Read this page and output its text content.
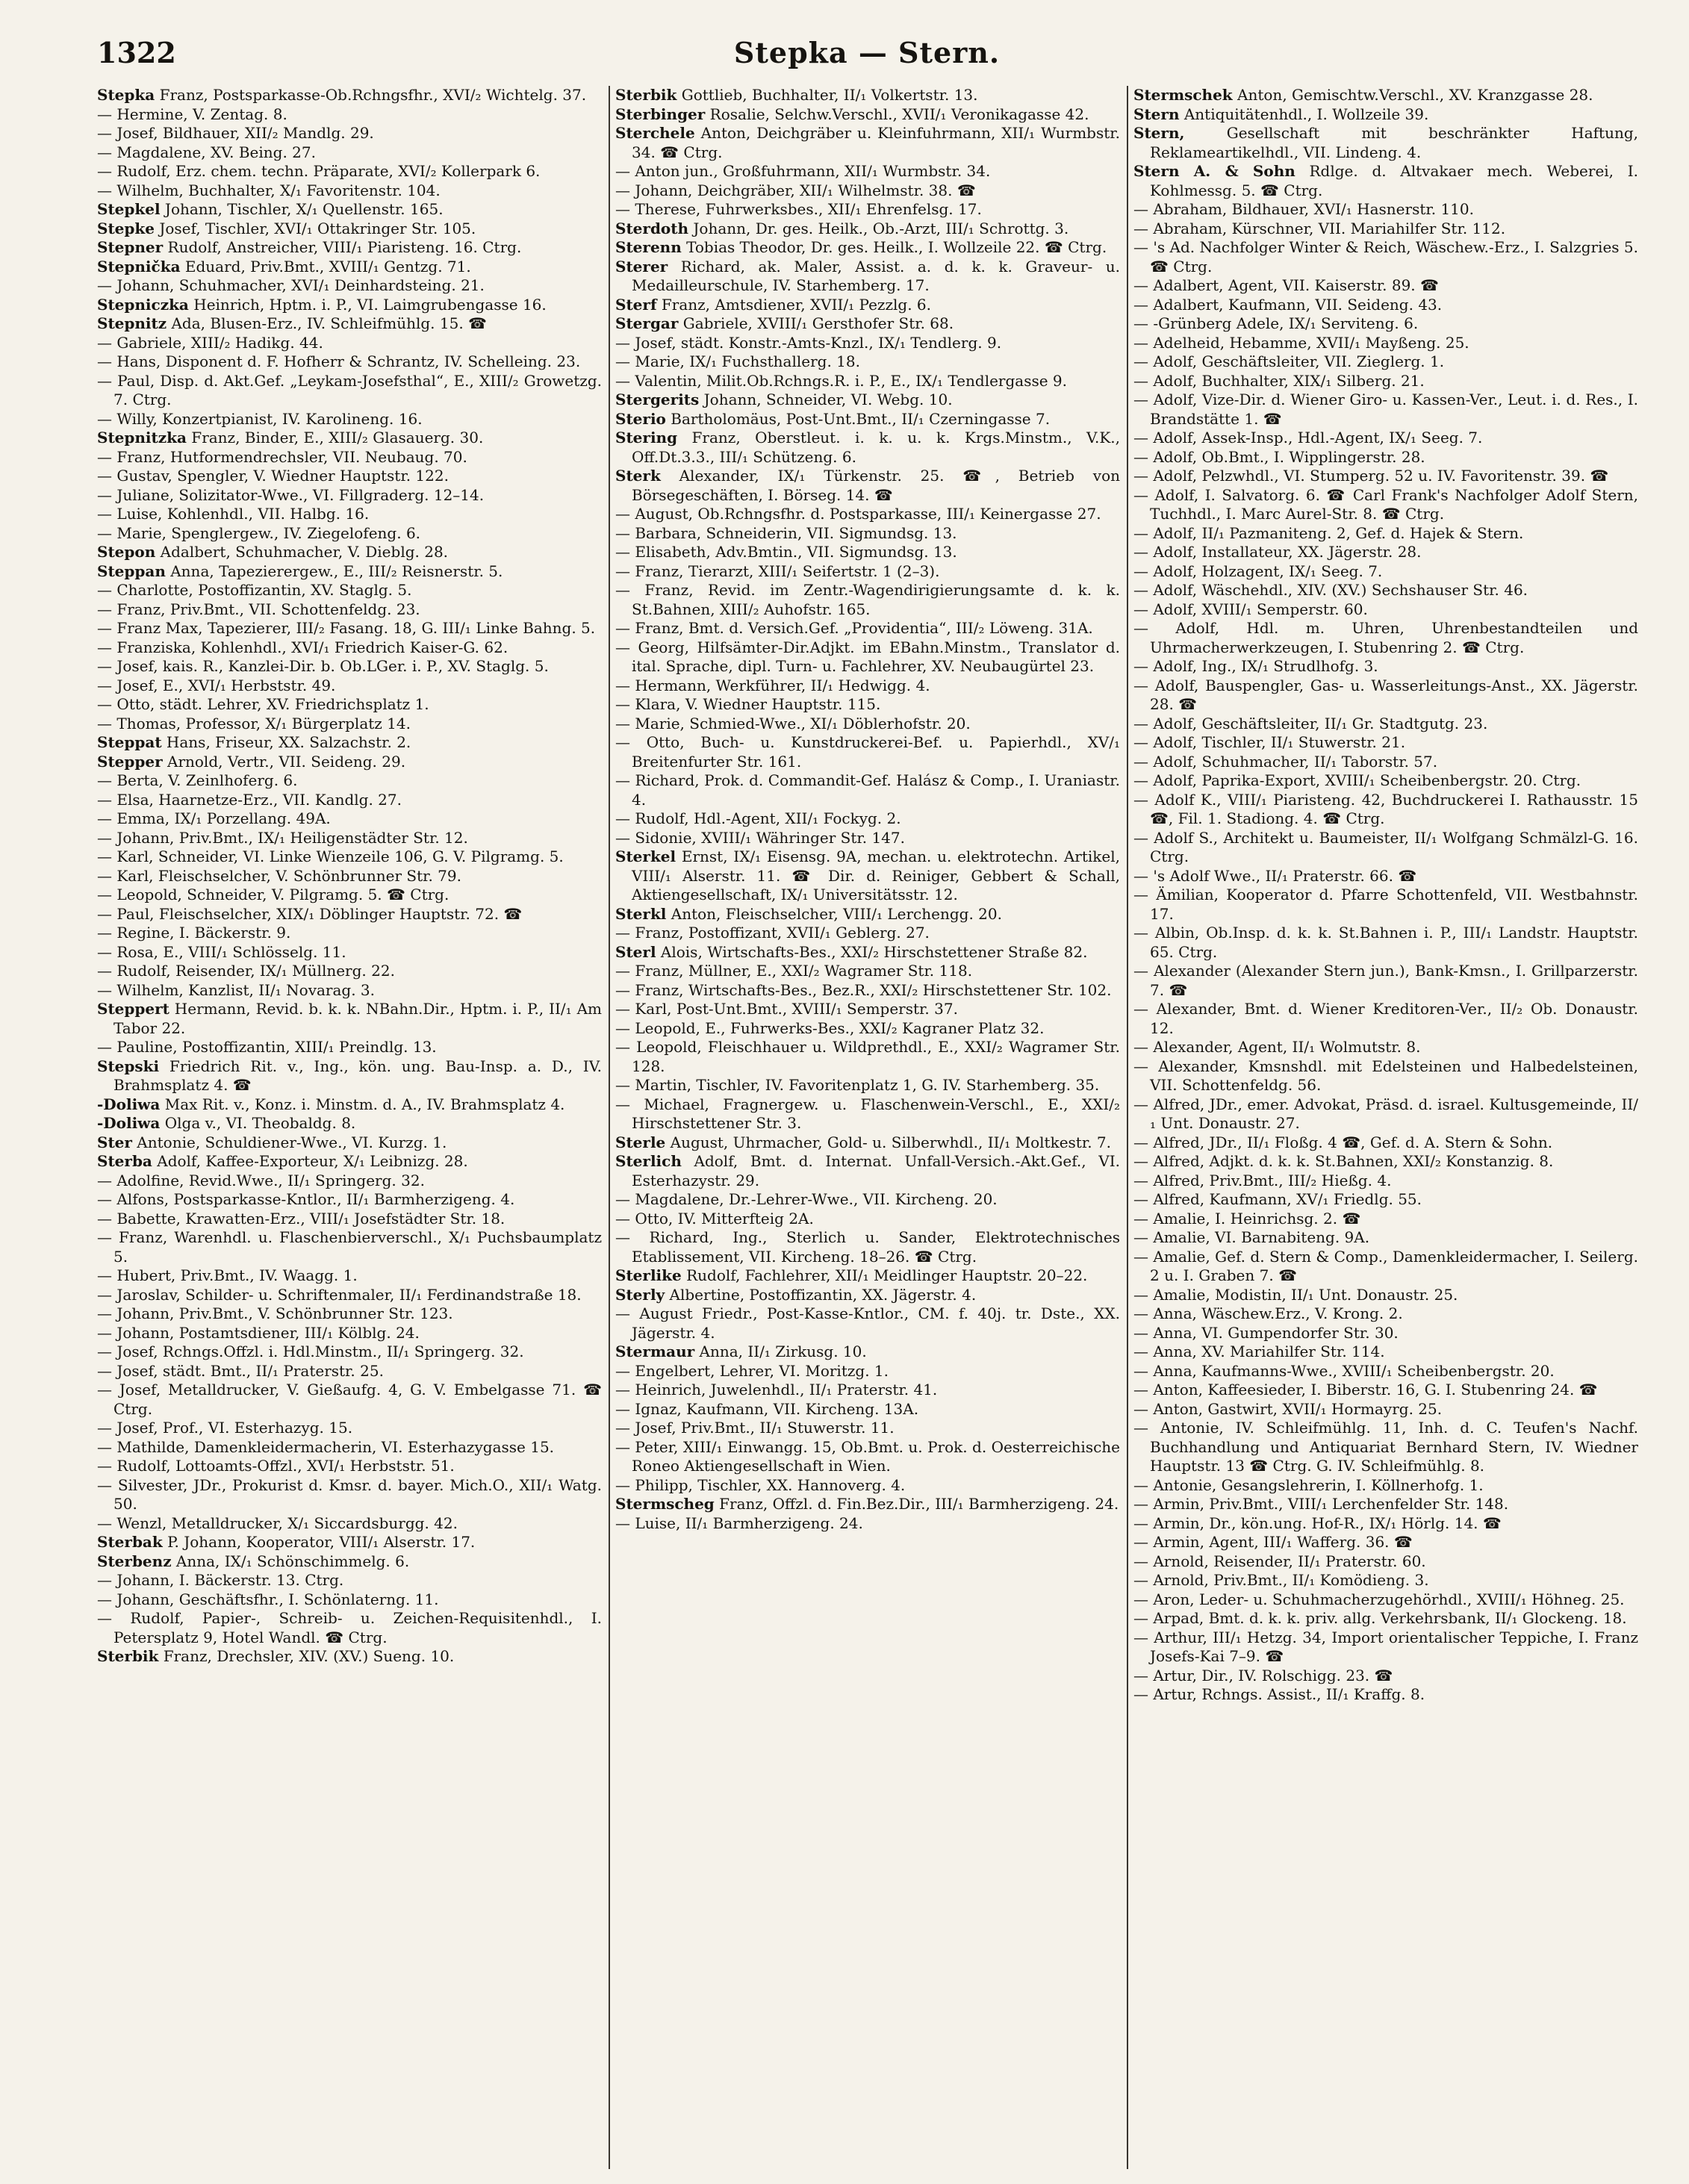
1322	Stepka — Stern.
Stepka Franz, Postsparkasse-Ob.Rchngsfhr., XVI/₂ Wichtelg. 37.
— Hermine, V. Zentag. 8.
— Josef, Bildhauer, XII/₂ Mandlg. 29.
— Magdalene, XV. Being. 27.
— Rudolf, Erz. chem. techn. Präparate, XVI/₂ Kollerpark 6.
— Wilhelm, Buchhalter, X/₁ Favoritenstr. 104.
Stepkel Johann, Tischler, X/₁ Quellenstr. 165.
Stepke Josef, Tischler, XVI/₁ Ottakringer Str. 105.
Stepner Rudolf, Anstreicher, VIII/₁ Piaristeng. 16. Ctrg.
Stepnička Eduard, Priv.Bmt., XVIII/₁ Gentzg. 71.
— Johann, Schuhmacher, XVI/₁ Deinhardsteing. 21.
Stepniczka Heinrich, Hptm. i. P., VI. Laimgrubengasse 16.
Stepnitz Ada, Blusen-Erz., IV. Schleifmühlg. 15. ☎
— Gabriele, XIII/₂ Hadikg. 44.
— Hans, Disponent d. F. Hofherr & Schrantz, IV. Schelleing. 23.
— Paul, Disp. d. Akt.Gef. „Leykam-Josefsthal“, E., XIII/₂ Growetzg. 7. Ctrg.
— Willy, Konzertpianist, IV. Karolineng. 16.
Stepnitzka Franz, Binder, E., XIII/₂ Glasauerg. 30.
— Franz, Hutformendrechsler, VII. Neubaug. 70.
— Gustav, Spengler, V. Wiedner Hauptstr. 122.
— Juliane, Solizitator-Wwe., VI. Fillgraderg. 12–14.
— Luise, Kohlenhdl., VII. Halbg. 16.
— Marie, Spenglergew., IV. Ziegelofeng. 6.
Stepon Adalbert, Schuhmacher, V. Dieblg. 28.
Steppan Anna, Tapezierergew., E., III/₂ Reisnerstr. 5.
— Charlotte, Postoffizantin, XV. Staglg. 5.
— Franz, Priv.Bmt., VII. Schottenfeldg. 23.
— Franz Max, Tapezierer, III/₂ Fasang. 18, G. III/₁ Linke Bahng. 5.
— Franziska, Kohlenhdl., XVI/₁ Friedrich Kaiser-G. 62.
— Josef, kais. R., Kanzlei-Dir. b. Ob.LGer. i. P., XV. Staglg. 5.
— Josef, E., XVI/₁ Herbststr. 49.
— Otto, städt. Lehrer, XV. Friedrichsplatz 1.
— Thomas, Professor, X/₁ Bürgerplatz 14.
Steppat Hans, Friseur, XX. Salzachstr. 2.
Stepper Arnold, Vertr., VII. Seideng. 29.
— Berta, V. Zeinlhoferg. 6.
— Elsa, Haarnetze-Erz., VII. Kandlg. 27.
— Emma, IX/₁ Porzellang. 49A.
— Johann, Priv.Bmt., IX/₁ Heiligenstädter Str. 12.
— Karl, Schneider, VI. Linke Wienzeile 106, G. V. Pilgramg. 5.
— Karl, Fleischselcher, V. Schönbrunner Str. 79.
— Leopold, Schneider, V. Pilgramg. 5. ☎ Ctrg.
— Paul, Fleischselcher, XIX/₁ Döblinger Hauptstr. 72. ☎
— Regine, I. Bäckerstr. 9.
— Rosa, E., VIII/₁ Schlösselg. 11.
— Rudolf, Reisender, IX/₁ Müllnerg. 22.
— Wilhelm, Kanzlist, II/₁ Novarag. 3.
Steppert Hermann, Revid. b. k. k. NBahn.Dir., Hptm. i. P., II/₁ Am Tabor 22.
— Pauline, Postoffizantin, XIII/₁ Preindlg. 13.
Stepski Friedrich Rit. v., Ing., kön. ung. Bau-Insp. a. D., IV. Brahmsplatz 4. ☎
-Doliwa Max Rit. v., Konz. i. Minstm. d. A., IV. Brahmsplatz 4.
-Doliwa Olga v., VI. Theobaldg. 8.
Ster Antonie, Schuldiener-Wwe., VI. Kurzg. 1.
Sterba Adolf, Kaffee-Exporteur, X/₁ Leibnizg. 28.
— Adolfine, Revid.Wwe., II/₁ Springerg. 32.
— Alfons, Postsparkasse-Kntlor., II/₁ Barmherzigeng. 4.
— Babette, Krawatten-Erz., VIII/₁ Josefstädter Str. 18.
— Franz, Warenhdl. u. Flaschenbierverschl., X/₁ Puchsbaumplatz 5.
— Hubert, Priv.Bmt., IV. Waagg. 1.
— Jaroslav, Schilder- u. Schriftenmaler, II/₁ Ferdinandstraße 18.
— Johann, Priv.Bmt., V. Schönbrunner Str. 123.
— Johann, Postamtsdiener, III/₁ Kölblg. 24.
— Josef, Rchngs.Offzl. i. Hdl.Minstm., II/₁ Springerg. 32.
— Josef, städt. Bmt., II/₁ Praterstr. 25.
— Josef, Metalldrucker, V. Gießaufg. 4, G. V. Embelgasse 71. ☎ Ctrg.
— Josef, Prof., VI. Esterhazyg. 15.
— Mathilde, Damenkleidermacherin, VI. Esterhazygasse 15.
— Rudolf, Lottoamts-Offzl., XVI/₁ Herbststr. 51.
— Silvester, JDr., Prokurist d. Kmsr. d. bayer. Mich.O., XII/₁ Watg. 50.
— Wenzl, Metalldrucker, X/₁ Siccardsburgg. 42.
Sterbak P. Johann, Kooperator, VIII/₁ Alserstr. 17.
Sterbenz Anna, IX/₁ Schönschimmelg. 6.
— Johann, I. Bäckerstr. 13. Ctrg.
— Johann, Geschäftsfhr., I. Schönlaterng. 11.
— Rudolf, Papier-, Schreib- u. Zeichen-Requisitenhdl., I. Petersplatz 9, Hotel Wandl. ☎ Ctrg.
Sterbik Franz, Drechsler, XIV. (XV.) Sueng. 10.
Sterbik Gottlieb, Buchhalter, II/₁ Volkertstr. 13.
Sterbinger Rosalie, Selchw.Verschl., XVII/₁ Veronikagasse 42.
Sterchele Anton, Deichgräber u. Kleinfuhrmann, XII/₁ Wurmbstr. 34. ☎ Ctrg.
— Anton jun., Großfuhrmann, XII/₁ Wurmbstr. 34.
— Johann, Deichgräber, XII/₁ Wilhelmstr. 38. ☎
— Therese, Fuhrwerksbes., XII/₁ Ehrenfelsg. 17.
Sterdoth Johann, Dr. ges. Heilk., Ob.-Arzt, III/₁ Schrottg. 3.
Sterenn Tobias Theodor, Dr. ges. Heilk., I. Wollzeile 22. ☎ Ctrg.
Sterer Richard, ak. Maler, Assist. a. d. k. k. Graveur- u. Medailleurschule, IV. Starhemberg. 17.
Sterf Franz, Amtsdiener, XVII/₁ Pezzlg. 6.
Stergar Gabriele, XVIII/₁ Gersthofer Str. 68.
— Josef, städt. Konstr.-Amts-Knzl., IX/₁ Tendlerg. 9.
— Marie, IX/₁ Fuchsthallerg. 18.
— Valentin, Milit.Ob.Rchngs.R. i. P., E., IX/₁ Tendlergasse 9.
Stergerits Johann, Schneider, VI. Webg. 10.
Sterio Bartholomäus, Post-Unt.Bmt., II/₁ Czerningasse 7.
Stering Franz, Oberstleut. i. k. u. k. Krgs.Minstm., V.K., Off.Dt.3.3., III/₁ Schützeng. 6.
Sterk Alexander, IX/₁ Türkenstr. 25. ☎, Betrieb von Börsegeschäften, I. Börseg. 14. ☎
— August, Ob.Rchngsfhr. d. Postsparkasse, III/₁ Keinergasse 27.
— Barbara, Schneiderin, VII. Sigmundsg. 13.
— Elisabeth, Adv.Bmtin., VII. Sigmundsg. 13.
— Franz, Tierarzt, XIII/₁ Seifertstr. 1 (2–3).
— Franz, Revid. im Zentr.-Wagendirigierungsamte d. k. k. St.Bahnen, XIII/₂ Auhofstr. 165.
— Franz, Bmt. d. Versich.Gef. „Providentia“, III/₂ Löweng. 31A.
— Georg, Hilfsämter-Dir.Adjkt. im EBahn.Minstm., Translator d. ital. Sprache, dipl. Turn- u. Fachlehrer, XV. Neubaugürtel 23.
— Hermann, Werkführer, II/₁ Hedwigg. 4.
— Klara, V. Wiedner Hauptstr. 115.
— Marie, Schmied-Wwe., XI/₁ Döblerhofstr. 20.
— Otto, Buch- u. Kunstdruckerei-Bef. u. Papierhdl., XV/₁ Breitenfurter Str. 161.
— Richard, Prok. d. Commandit-Gef. Halász & Comp., I. Uraniastr. 4.
— Rudolf, Hdl.-Agent, XII/₁ Fockyg. 2.
— Sidonie, XVIII/₁ Währinger Str. 147.
Sterkel Ernst, IX/₁ Eisensg. 9A, mechan. u. elektrotechn. Artikel, VIII/₁ Alserstr. 11. ☎ Dir. d. Reiniger, Gebbert & Schall, Aktiengesellschaft, IX/₁ Universitätsstr. 12.
Sterkl Anton, Fleischselcher, VIII/₁ Lerchengg. 20.
— Franz, Postoffizant, XVII/₁ Geblerg. 27.
Sterl Alois, Wirtschafts-Bes., XXI/₂ Hirschstettener Straße 82.
— Franz, Müllner, E., XXI/₂ Wagramer Str. 118.
— Franz, Wirtschafts-Bes., Bez.R., XXI/₂ Hirschstettener Str. 102.
— Karl, Post-Unt.Bmt., XVIII/₁ Semperstr. 37.
— Leopold, E., Fuhrwerks-Bes., XXI/₂ Kagraner Platz 32.
— Leopold, Fleischhauer u. Wildprethdl., E., XXI/₂ Wagramer Str. 128.
— Martin, Tischler, IV. Favoritenplatz 1, G. IV. Starhemberg. 35.
— Michael, Fragnergew. u. Flaschenwein-Verschl., E., XXI/₂ Hirschstettener Str. 3.
Sterle August, Uhrmacher, Gold- u. Silberwhdl., II/₁ Moltkestr. 7.
Sterlich Adolf, Bmt. d. Internat. Unfall-Versich.-Akt.Gef., VI. Esterhazystr. 29.
— Magdalene, Dr.-Lehrer-Wwe., VII. Kircheng. 20.
— Otto, IV. Mitterfteig 2A.
— Richard, Ing., Sterlich u. Sander, Elektrotechnisches Etablissement, VII. Kircheng. 18–26. ☎ Ctrg.
Sterlike Rudolf, Fachlehrer, XII/₁ Meidlinger Hauptstr. 20–22.
Sterly Albertine, Postoffizantin, XX. Jägerstr. 4.
— August Friedr., Post-Kasse-Kntlor., CM. f. 40j. tr. Dste., XX. Jägerstr. 4.
Stermaur Anna, II/₁ Zirkusg. 10.
— Engelbert, Lehrer, VI. Moritzg. 1.
— Heinrich, Juwelenhdl., II/₁ Praterstr. 41.
— Ignaz, Kaufmann, VII. Kircheng. 13A.
— Josef, Priv.Bmt., II/₁ Stuwerstr. 11.
— Peter, XIII/₁ Einwangg. 15, Ob.Bmt. u. Prok. d. Oesterreichische Roneo Aktiengesellschaft in Wien.
— Philipp, Tischler, XX. Hannoverg. 4.
Stermscheg Franz, Offzl. d. Fin.Bez.Dir., III/₁ Barmherzigeng. 24.
— Luise, II/₁ Barmherzigeng. 24.
Stermschek Anton, Gemischtw.Verschl., XV. Kranzgasse 28.
Stern Antiquitätenhdl., I. Wollzeile 39.
Stern, Gesellschaft mit beschränkter Haftung, Reklameartikelhdl., VII. Lindeng. 4.
Stern A. & Sohn Rdlge. d. Altvakaer mech. Weberei, I. Kohlmessg. 5. ☎ Ctrg.
— Abraham, Bildhauer, XVI/₁ Hasnerstr. 110.
— Abraham, Kürschner, VII. Mariahilfer Str. 112.
— 's Ad. Nachfolger Winter & Reich, Wäschew.-Erz., I. Salzgries 5. ☎ Ctrg.
— Adalbert, Agent, VII. Kaiserstr. 89. ☎
— Adalbert, Kaufmann, VII. Seideng. 43.
— -Grünberg Adele, IX/₁ Serviteng. 6.
— Adelheid, Hebamme, XVII/₁ Mayßeng. 25.
— Adolf, Geschäftsleiter, VII. Zieglerg. 1.
— Adolf, Buchhalter, XIX/₁ Silberg. 21.
— Adolf, Vize-Dir. d. Wiener Giro- u. Kassen-Ver., Leut. i. d. Res., I. Brandstätte 1. ☎
— Adolf, Assek-Insp., Hdl.-Agent, IX/₁ Seeg. 7.
— Adolf, Ob.Bmt., I. Wipplingerstr. 28.
— Adolf, Pelzwhdl., VI. Stumperg. 52 u. IV. Favoritenstr. 39. ☎
— Adolf, I. Salvatorg. 6. ☎ Carl Frank's Nachfolger Adolf Stern, Tuchhdl., I. Marc Aurel-Str. 8. ☎ Ctrg.
— Adolf, II/₁ Pazmaniteng. 2, Gef. d. Hajek & Stern.
— Adolf, Installateur, XX. Jägerstr. 28.
— Adolf, Holzagent, IX/₁ Seeg. 7.
— Adolf, Wäschehdl., XIV. (XV.) Sechshauser Str. 46.
— Adolf, XVIII/₁ Semperstr. 60.
— Adolf, Hdl. m. Uhren, Uhrenbestandteilen und Uhrmacherwerkzeugen, I. Stubenring 2. ☎ Ctrg.
— Adolf, Ing., IX/₁ Strudlhofg. 3.
— Adolf, Bauspengler, Gas- u. Wasserleitungs-Anst., XX. Jägerstr. 28. ☎
— Adolf, Geschäftsleiter, II/₁ Gr. Stadtgutg. 23.
— Adolf, Tischler, II/₁ Stuwerstr. 21.
— Adolf, Schuhmacher, II/₁ Taborstr. 57.
— Adolf, Paprika-Export, XVIII/₁ Scheibenbergstr. 20. Ctrg.
— Adolf K., VIII/₁ Piaristeng. 42, Buchdruckerei I. Rathausstr. 15 ☎, Fil. 1. Stadiong. 4. ☎ Ctrg.
— Adolf S., Architekt u. Baumeister, II/₁ Wolfgang Schmälzl-G. 16. Ctrg.
— 's Adolf Wwe., II/₁ Praterstr. 66. ☎
— Ämilian, Kooperator d. Pfarre Schottenfeld, VII. Westbahnstr. 17.
— Albin, Ob.Insp. d. k. k. St.Bahnen i. P., III/₁ Landstr. Hauptstr. 65. Ctrg.
— Alexander (Alexander Stern jun.), Bank-Kmsn., I. Grillparzerstr. 7. ☎
— Alexander, Bmt. d. Wiener Kreditoren-Ver., II/₂ Ob. Donaustr. 12.
— Alexander, Agent, II/₁ Wolmutstr. 8.
— Alexander, Kmsnshdl. mit Edelsteinen und Halbedelsteinen, VII. Schottenfeldg. 56.
— Alfred, JDr., emer. Advokat, Präsd. d. israel. Kultusgemeinde, II/₁ Unt. Donaustr. 27.
— Alfred, JDr., II/₁ Floßg. 4 ☎, Gef. d. A. Stern & Sohn.
— Alfred, Adjkt. d. k. k. St.Bahnen, XXI/₂ Konstanzig. 8.
— Alfred, Priv.Bmt., III/₂ Hießg. 4.
— Alfred, Kaufmann, XV/₁ Friedlg. 55.
— Amalie, I. Heinrichsg. 2. ☎
— Amalie, VI. Barnabiteng. 9A.
— Amalie, Gef. d. Stern & Comp., Damenkleidermacher, I. Seilerg. 2 u. I. Graben 7. ☎
— Amalie, Modistin, II/₁ Unt. Donaustr. 25.
— Anna, Wäschew.Erz., V. Krong. 2.
— Anna, VI. Gumpendorfer Str. 30.
— Anna, XV. Mariahilfer Str. 114.
— Anna, Kaufmanns-Wwe., XVIII/₁ Scheibenbergstr. 20.
— Anton, Kaffeesieder, I. Biberstr. 16, G. I. Stubenring 24. ☎
— Anton, Gastwirt, XVII/₁ Hormayrg. 25.
— Antonie, IV. Schleifmühlg. 11, Inh. d. C. Teufen's Nachf. Buchhandlung und Antiquariat Bernhard Stern, IV. Wiedner Hauptstr. 13 ☎ Ctrg. G. IV. Schleifmühlg. 8.
— Antonie, Gesangslehrerin, I. Köllnerhofg. 1.
— Armin, Priv.Bmt., VIII/₁ Lerchenfelder Str. 148.
— Armin, Dr., kön.ung. Hof-R., IX/₁ Hörlg. 14. ☎
— Armin, Agent, III/₁ Wafferg. 36. ☎
— Arnold, Reisender, II/₁ Praterstr. 60.
— Arnold, Priv.Bmt., II/₁ Komödieng. 3.
— Aron, Leder- u. Schuhmacherzugehörhdl., XVIII/₁ Höhneg. 25.
— Arpad, Bmt. d. k. k. priv. allg. Verkehrsbank, II/₁ Glockeng. 18.
— Arthur, III/₁ Hetzg. 34, Import orientalischer Teppiche, I. Franz Josefs-Kai 7–9. ☎
— Artur, Dir., IV. Rolschigg. 23. ☎
— Artur, Rchngs. Assist., II/₁ Kraffg. 8.
